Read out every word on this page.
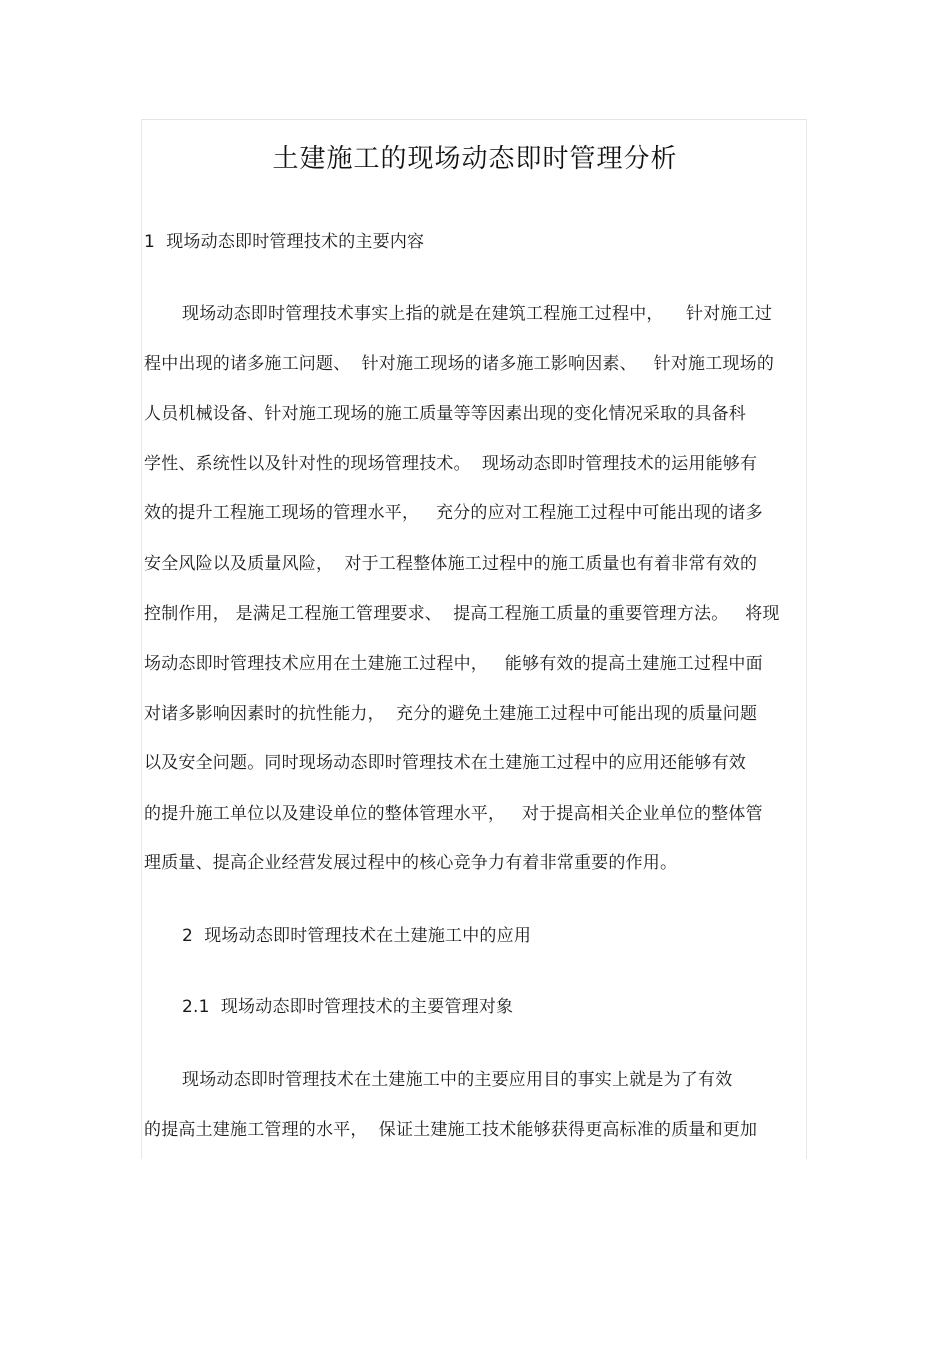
土建施工的现场动态即时管理分析
1  现场动态即时管理技术的主要内容
现场动态即时管理技术事实上指的就是在建筑工程施工过程中，    针对施工过
程中出现的诸多施工问题、  针对施工现场的诸多施工影响因素、   针对施工现场的
人员机械设备、针对施工现场的施工质量等等因素出现的变化情况采取的具备科
学性、系统性以及针对性的现场管理技术。  现场动态即时管理技术的运用能够有
效的提升工程施工现场的管理水平，   充分的应对工程施工过程中可能出现的诸多
安全风险以及质量风险，  对于工程整体施工过程中的施工质量也有着非常有效的
控制作用， 是满足工程施工管理要求、  提高工程施工质量的重要管理方法。   将现
场动态即时管理技术应用在土建施工过程中，   能够有效的提高土建施工过程中面
对诸多影响因素时的抗性能力，  充分的避免土建施工过程中可能出现的质量问题
以及安全问题。同时现场动态即时管理技术在土建施工过程中的应用还能够有效
的提升施工单位以及建设单位的整体管理水平，   对于提高相关企业单位的整体管
理质量、提高企业经营发展过程中的核心竞争力有着非常重要的作用。
2  现场动态即时管理技术在土建施工中的应用
2.1  现场动态即时管理技术的主要管理对象
现场动态即时管理技术在土建施工中的主要应用目的事实上就是为了有效
的提高土建施工管理的水平，  保证土建施工技术能够获得更高标准的质量和更加
